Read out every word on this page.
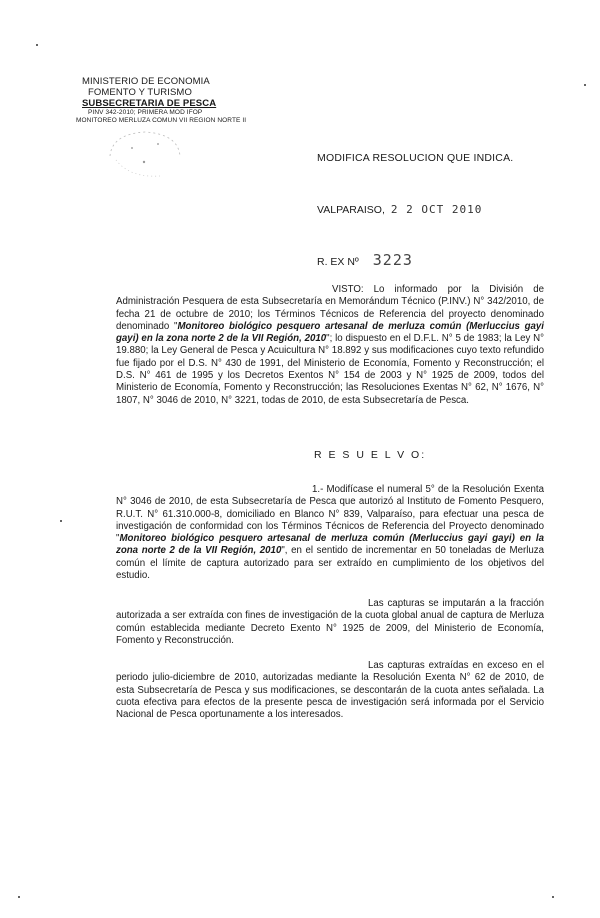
MINISTERIO DE ECONOMIA
FOMENTO Y TURISMO
SUBSECRETARIA DE PESCA
PINV 342-2010; PRIMERA MOD IFOP
MONITOREO MERLUZA COMUN VII REGION NORTE II
MODIFICA RESOLUCION QUE INDICA.
VALPARAISO, 2 2 OCT 2010
R. EX Nº 3223
VISTO: Lo informado por la División de Administración Pesquera de esta Subsecretaría en Memorándum Técnico (P.INV.) N° 342/2010, de fecha 21 de octubre de 2010; los Términos Técnicos de Referencia del proyecto denominado denominado "Monitoreo biológico pesquero artesanal de merluza común (Merluccius gayi gayi) en la zona norte 2 de la VII Región, 2010"; lo dispuesto en el D.F.L. N° 5 de 1983; la Ley N° 19.880; la Ley General de Pesca y Acuicultura N° 18.892 y sus modificaciones cuyo texto refundido fue fijado por el D.S. N° 430 de 1991, del Ministerio de Economía, Fomento y Reconstrucción; el D.S. N° 461 de 1995 y los Decretos Exentos N° 154 de 2003 y N° 1925 de 2009, todos del Ministerio de Economía, Fomento y Reconstrucción; las Resoluciones Exentas N° 62, N° 1676, N° 1807, N° 3046 de 2010, N° 3221, todas de 2010, de esta Subsecretaría de Pesca.
R E S U E L V O:
1.- Modifícase el numeral 5° de la Resolución Exenta N° 3046 de 2010, de esta Subsecretaría de Pesca que autorizó al Instituto de Fomento Pesquero, R.U.T. N° 61.310.000-8, domiciliado en Blanco N° 839, Valparaíso, para efectuar una pesca de investigación de conformidad con los Términos Técnicos de Referencia del Proyecto denominado "Monitoreo biológico pesquero artesanal de merluza común (Merluccius gayi gayi) en la zona norte 2 de la VII Región, 2010", en el sentido de incrementar en 50 toneladas de Merluza común el límite de captura autorizado para ser extraído en cumplimiento de los objetivos del estudio.
Las capturas se imputarán a la fracción autorizada a ser extraída con fines de investigación de la cuota global anual de captura de Merluza común establecida mediante Decreto Exento N° 1925 de 2009, del Ministerio de Economía, Fomento y Reconstrucción.
Las capturas extraídas en exceso en el periodo julio-diciembre de 2010, autorizadas mediante la Resolución Exenta N° 62 de 2010, de esta Subsecretaría de Pesca y sus modificaciones, se descontarán de la cuota antes señalada. La cuota efectiva para efectos de la presente pesca de investigación será informada por el Servicio Nacional de Pesca oportunamente a los interesados.
